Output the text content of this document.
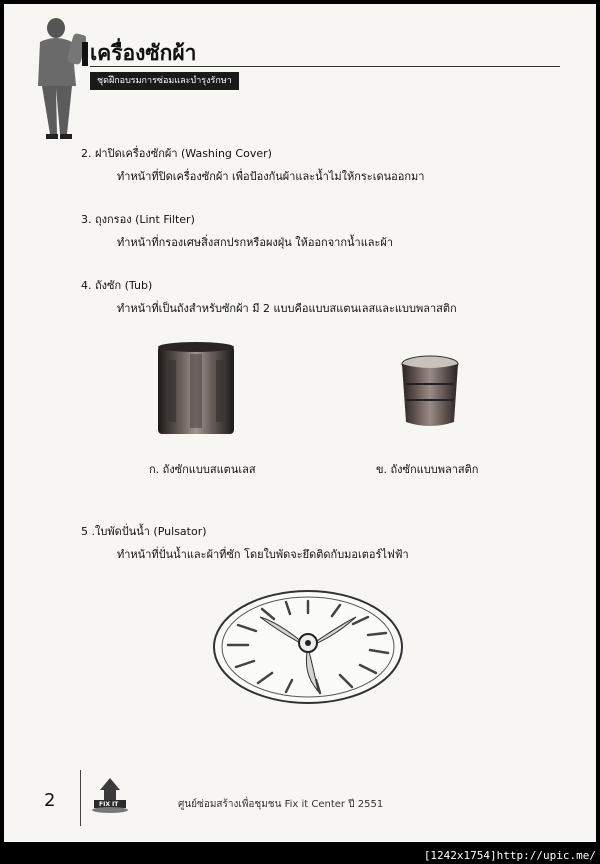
เครื่องซักผ้า
ชุดฝึกอบรมการซ่อมและบำรุงรักษา
2. ฝาปิดเครื่องซักผ้า (Washing Cover)
ทำหน้าที่ปิดเครื่องซักผ้า เพื่อป้องกันผ้าและน้ำไม่ให้กระเดนออกมา
3. ถุงกรอง (Lint Filter)
ทำหน้าที่กรองเศษสิ่งสกปรกหรือผงฝุ่น ให้ออกจากน้ำและผ้า
4. ถังซัก (Tub)
ทำหน้าที่เป็นถังสำหรับซักผ้า มี 2 แบบคือแบบสแตนเลสและแบบพลาสติก
ก. ถังซักแบบสแตนเลส	ข. ถังซักแบบพลาสติก
5 .ใบพัดปั่นน้ำ (Pulsator)
ทำหน้าที่ปั่นน้ำและผ้าที่ซัก โดยใบพัดจะยึดติดกับมอเตอร์ไฟฟ้า
2	FIX IT	ศูนย์ซ่อมสร้างเพื่อชุมชน Fix it Center ปี 2551
[1242x1754]http://upic.me/
